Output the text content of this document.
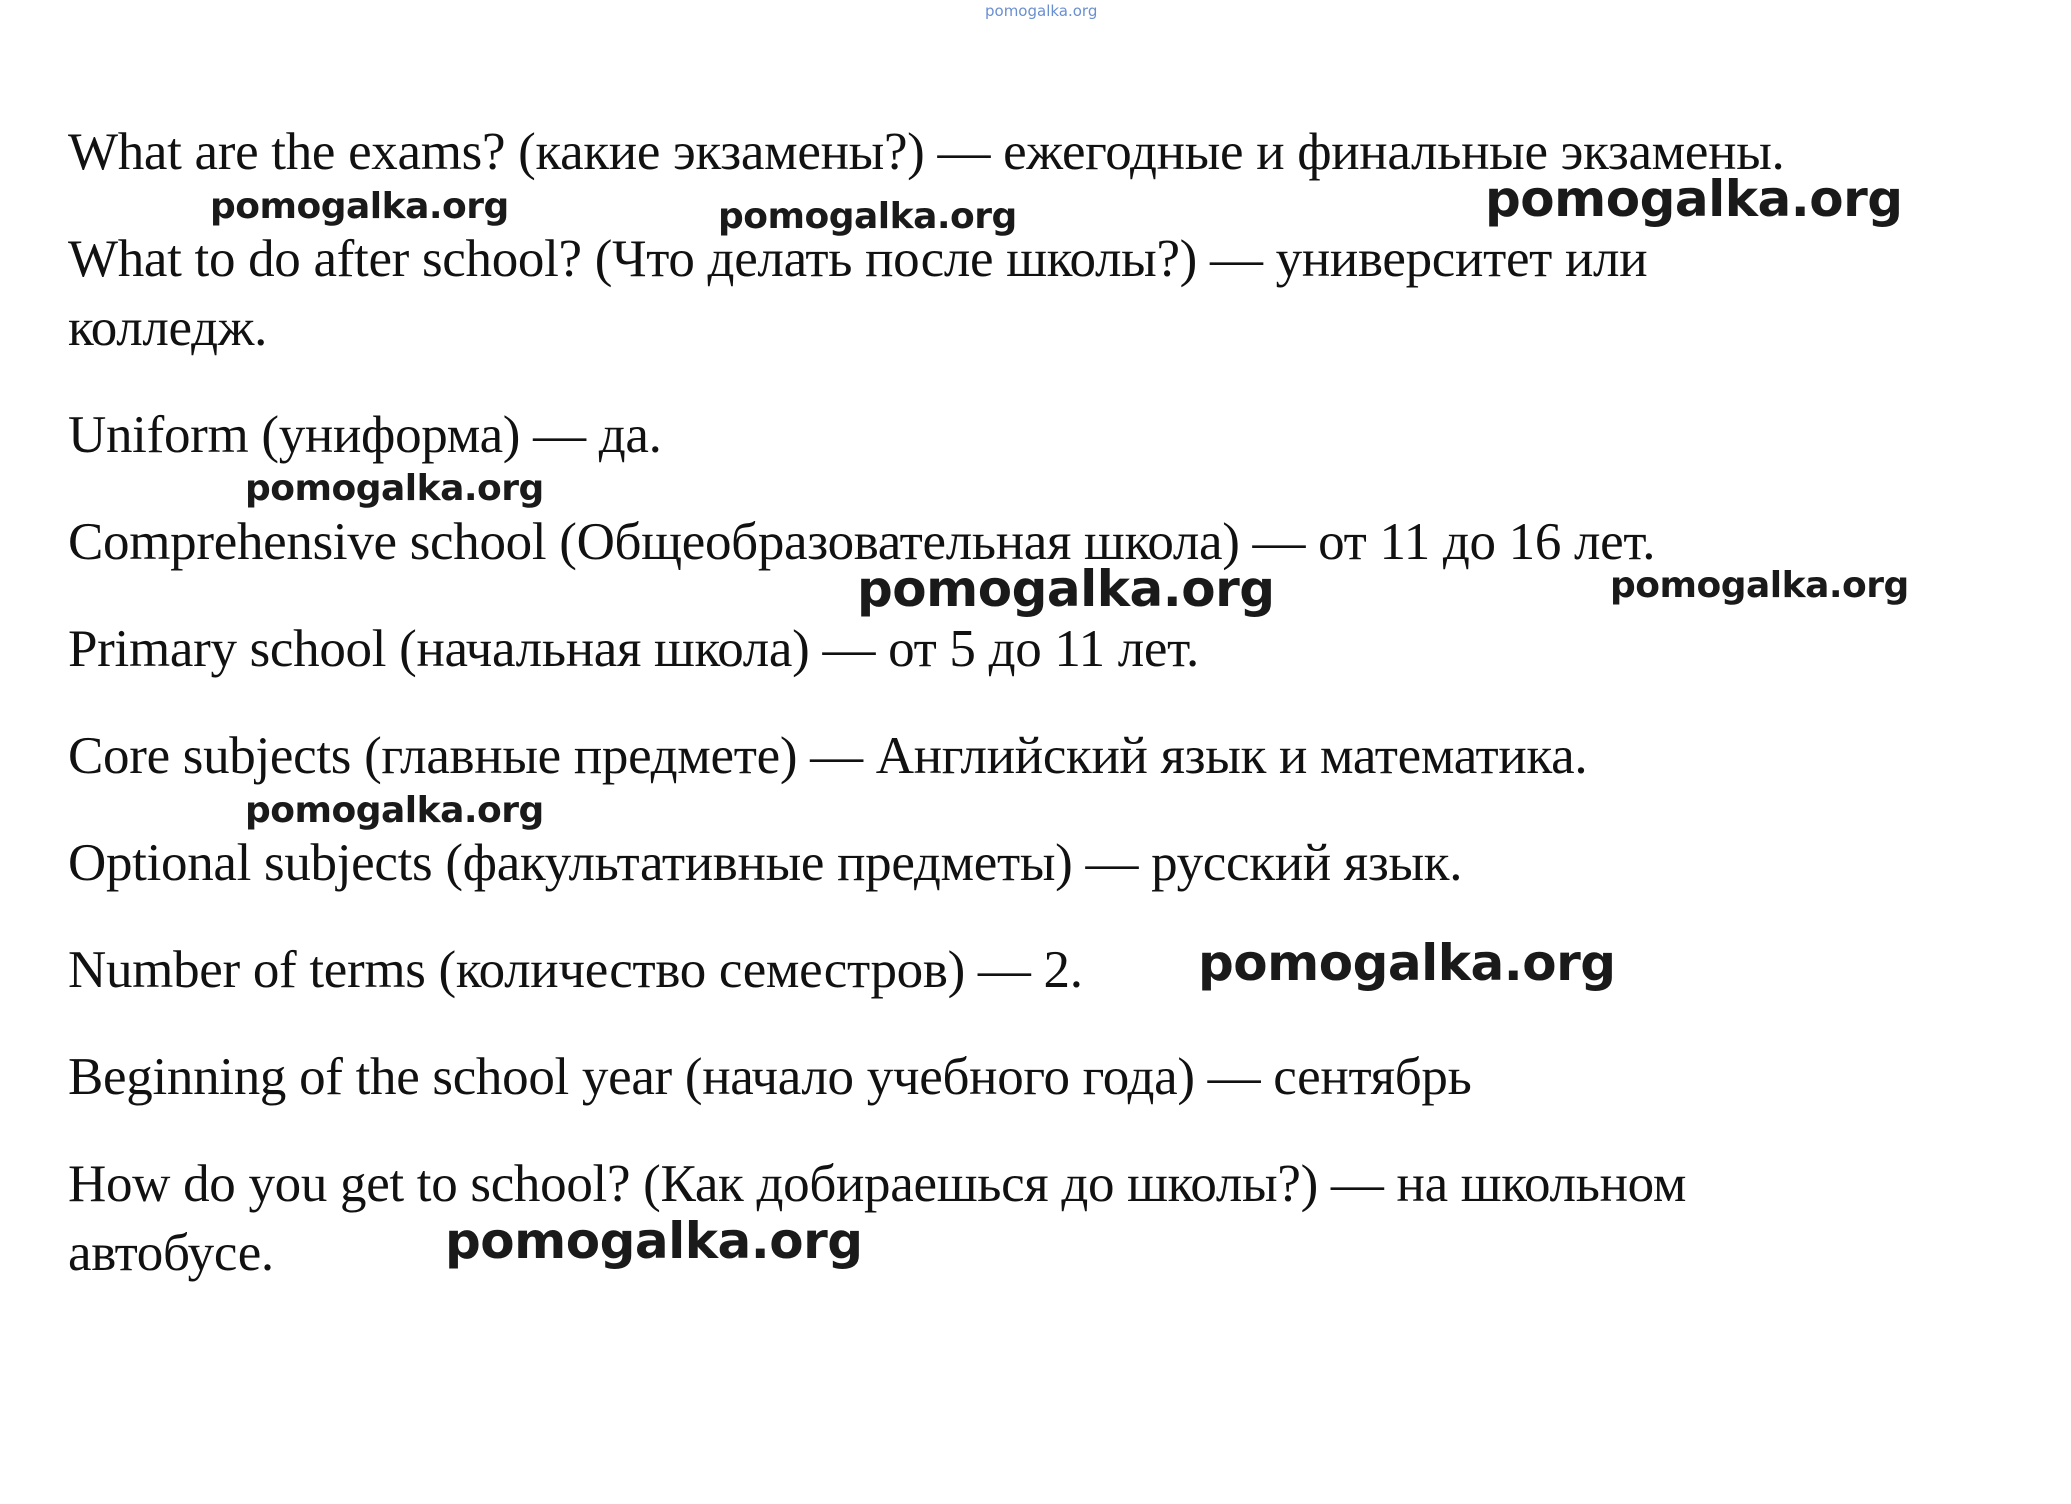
pomogalka.org
What are the exams? (какие экзамены?) — ежегодные и финальные экзамены.
What to do after school? (Что делать после школы?) — университет или
колледж.
Uniform (униформа) — да.
Comprehensive school (Общеобразовательная школа) — от 11 до 16 лет.
Primary school (начальная школа) — от 5 до 11 лет.
Core subjects (главные предмете) — Английский язык и математика.
Optional subjects (факультативные предметы) — русский язык.
Number of terms (количество семестров) — 2.
Beginning of the school year (начало учебного года) — сентябрь
How do you get to school? (Как добираешься до школы?) — на школьном
автобусе.
pomogalka.org	pomogalka.org	pomogalka.org
pomogalka.org
pomogalka.org	pomogalka.org
pomogalka.org
pomogalka.org
pomogalka.org
